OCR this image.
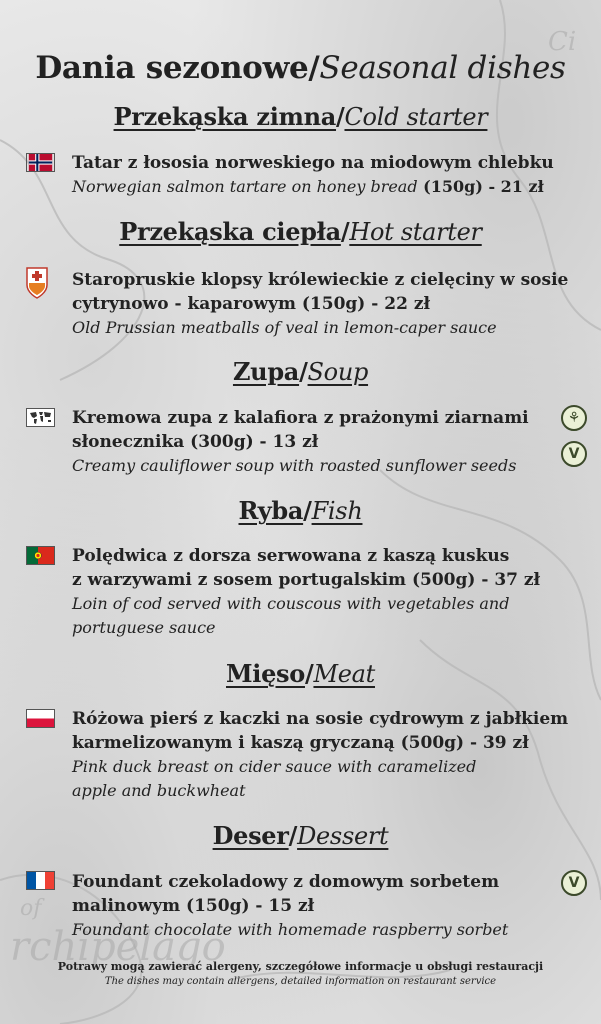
Ci
rchipelago
of
Dania sezonowe/Seasonal dishes
Przekąska zimna/Cold starter
Tatar z łososia norweskiego na miodowym chlebku
Norwegian salmon tartare on honey bread (150g) - 21 zł
Przekąska ciepła/Hot starter
Staropruskie klopsy królewieckie z cielęciny w sosie
cytrynowo - kaparowym (150g) - 22 zł
Old Prussian meatballs of veal in lemon-caper sauce
Zupa/Soup
Kremowa zupa z kalafiora z prażonymi ziarnami
słonecznika (300g) - 13 zł
Creamy cauliflower soup with roasted sunflower seeds
⚘
V
Ryba/Fish
Polędwica z dorsza serwowana z kaszą kuskus
z warzywami z sosem portugalskim (500g) - 37 zł
Loin of cod served with couscous with vegetables and
portuguese sauce
Mięso/Meat
Różowa pierś z kaczki na sosie cydrowym z jabłkiem
karmelizowanym i kaszą gryczaną (500g) - 39 zł
Pink duck breast on cider sauce with caramelized
apple and buckwheat
Deser/Dessert
Foundant czekoladowy z domowym sorbetem
malinowym (150g) - 15 zł
Foundant chocolate with homemade raspberry sorbet
V
Potrawy mogą zawierać alergeny, szczegółowe informacje u obsługi restauracji
The dishes may contain allergens, detailed information on restaurant service
